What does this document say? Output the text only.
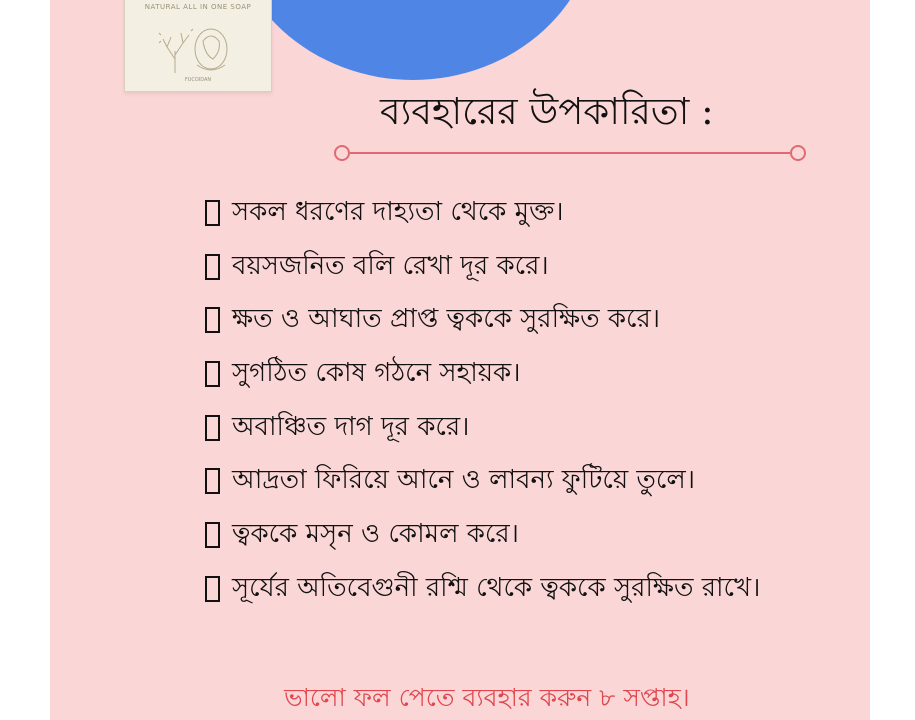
NATURAL ALL IN ONE SOAP
FUCOIDAN
ব্যবহারের উপকারিতা :
সকল ধরণের দাহ্যতা থেকে মুক্ত।
বয়সজনিত বলি রেখা দূর করে।
ক্ষত ও আঘাত প্রাপ্ত ত্বককে সুরক্ষিত করে।
সুগঠিত কোষ গঠনে সহায়ক।
অবাঞ্চিত দাগ দূর করে।
আদ্রতা ফিরিয়ে আনে ও লাবন্য ফুটিয়ে তুলে।
ত্বককে মসৃন ও কোমল করে।
সূর্যের অতিবেগুনী রশ্মি থেকে ত্বককে সুরক্ষিত রাখে।
ভালো ফল পেতে ব্যবহার করুন ৮ সপ্তাহ।
